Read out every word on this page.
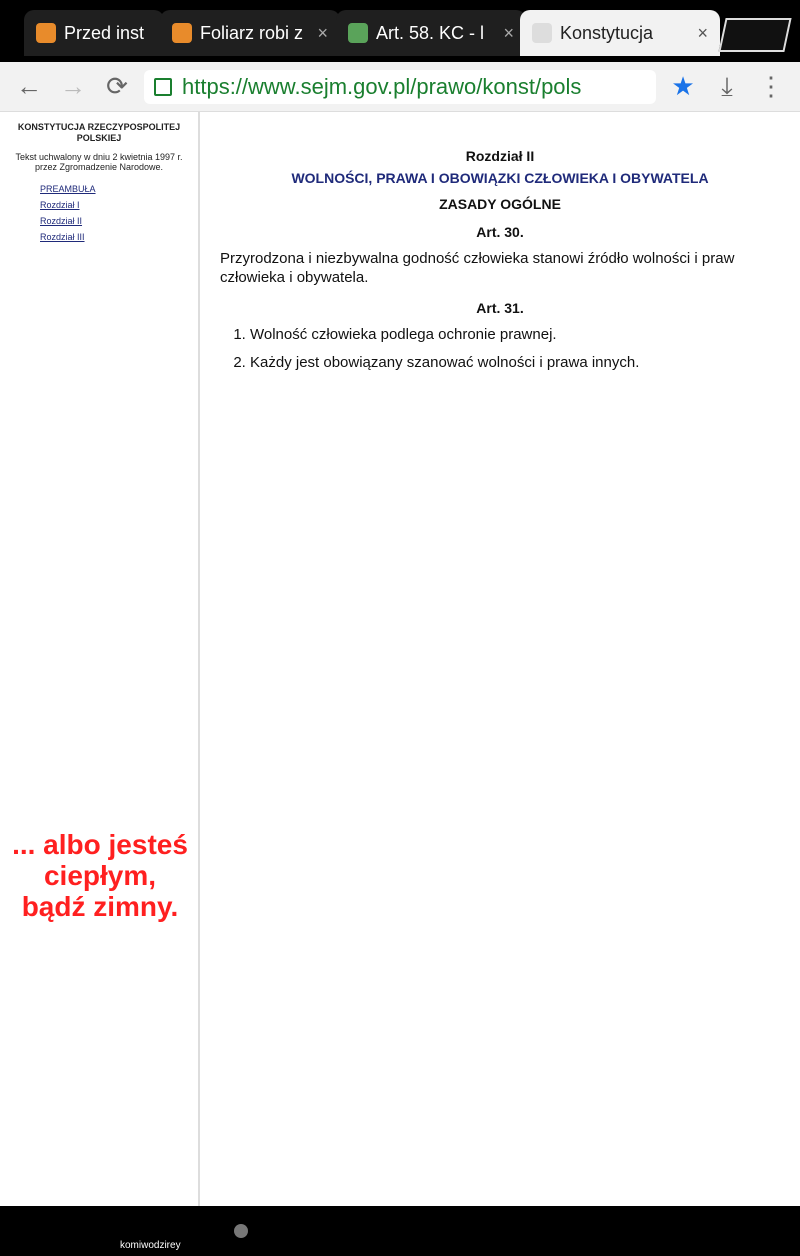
Przed inst	Foliarz robi z ×	Art. 58. KC - l ×	Konstytucja ×
← → ⟳ https://www.sejm.gov.pl/prawo/konst/pols	★	⤓ ⋮
KONSTYTUCJA RZECZYPOSPOLITEJ POLSKIEJ
Tekst uchwalony w dniu 2 kwietnia 1997 r. przez Zgromadzenie Narodowe.
PREAMBUŁA
Rozdział I
Rozdział II
Rozdział III
... albo jesteś ciepłym, bądź zimny.
Rozdział II
WOLNOŚCI, PRAWA I OBOWIĄZKI CZŁOWIEKA I OBYWATELA
ZASADY OGÓLNE
Art. 30.
Przyrodzona i niezbywalna godność człowieka stanowi źródło wolności i praw człowieka i obywatela.
Art. 31.
1. Wolność człowieka podlega ochronie prawnej.
2. Każdy jest obowiązany szanować wolności i prawa innych.
komiwodzirey
